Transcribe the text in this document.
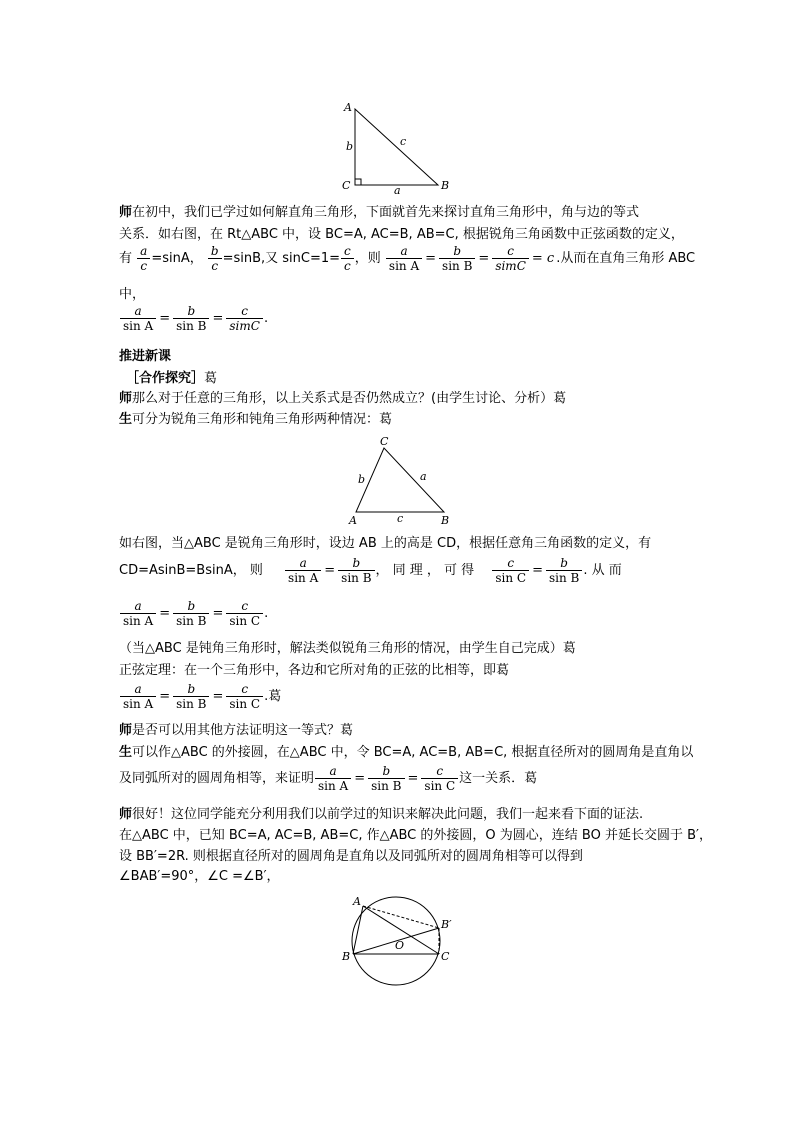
A
C	B
b	c
a
师在初中，我们已学过如何解直角三角形，下面就首先来探讨直角三角形中，角与边的等式
关系．如右图，在 Rt△ABC 中，设 BC=A, AC=B, AB=C, 根据锐角三角函数中正弦函数的定义，
有 $\frac{a}{c} =\sin A$， $\frac{b}{c} =\sin B$,又 $\sin C=1= \frac{c}{c}$ ，则 $\frac{a}{\text{sin A}} = \frac{b}{\text{sin B}} = \frac{c}{\text{simC}} = c$ .从而在直角三角形 ABC
中，
$\frac{a}{\text{sin A}} = \frac{b}{\text{sin B}} = \frac{c}{\text{simC}}$ .
推进新课
［合作探究］葛
师那么对于任意的三角形，以上关系式是否仍然成立？(由学生讨论、分析）葛
生可分为锐角三角形和钝角三角形两种情况：葛
C
A	B
b	a
c
如右图，当△ABC 是锐角三角形时，设边 AB 上的高是 CD，根据任意角三角函数的定义，有
CD=AsinB=BsinA， 则 $\frac{a}{\text{sin A}} = \frac{b}{\text{sin B}}$ ， 同 理 ， 可 得 $\frac{c}{\text{sin C}} = \frac{b}{\text{sin B}}$ . 从 而
$\frac{a}{\text{sin A}} = \frac{b}{\text{sin B}} = \frac{c}{\text{sin C}}$ .
（当△ABC 是钝角三角形时，解法类似锐角三角形的情况，由学生自己完成）葛
正弦定理：在一个三角形中，各边和它所对角的正弦的比相等，即葛
$\frac{a}{\text{sin A}} = \frac{b}{\text{sin B}} = \frac{c}{\text{sin C}}$ .葛
师是否可以用其他方法证明这一等式？葛
生可以作△ABC 的外接圆，在△ABC 中，令 BC=A, AC=B, AB=C, 根据直径所对的圆周角是直角以
及同弧所对的圆周角相等，来证明 $\frac{a}{\text{sin A}} = \frac{b}{\text{sin B}} = \frac{c}{\text{sin C}}$ 这一关系．葛
师很好！这位同学能充分利用我们以前学过的知识来解决此问题，我们一起来看下面的证法.
在△ABC 中，已知 BC=A, AC=B, AB=C, 作△ABC 的外接圆，O 为圆心，连结 BO 并延长交圆于 B′，
设 BB′=2R. 则根据直径所对的圆周角是直角以及同弧所对的圆周角相等可以得到
∠BAB′=90°，∠C =∠B′，
A
B	C
B′
O
